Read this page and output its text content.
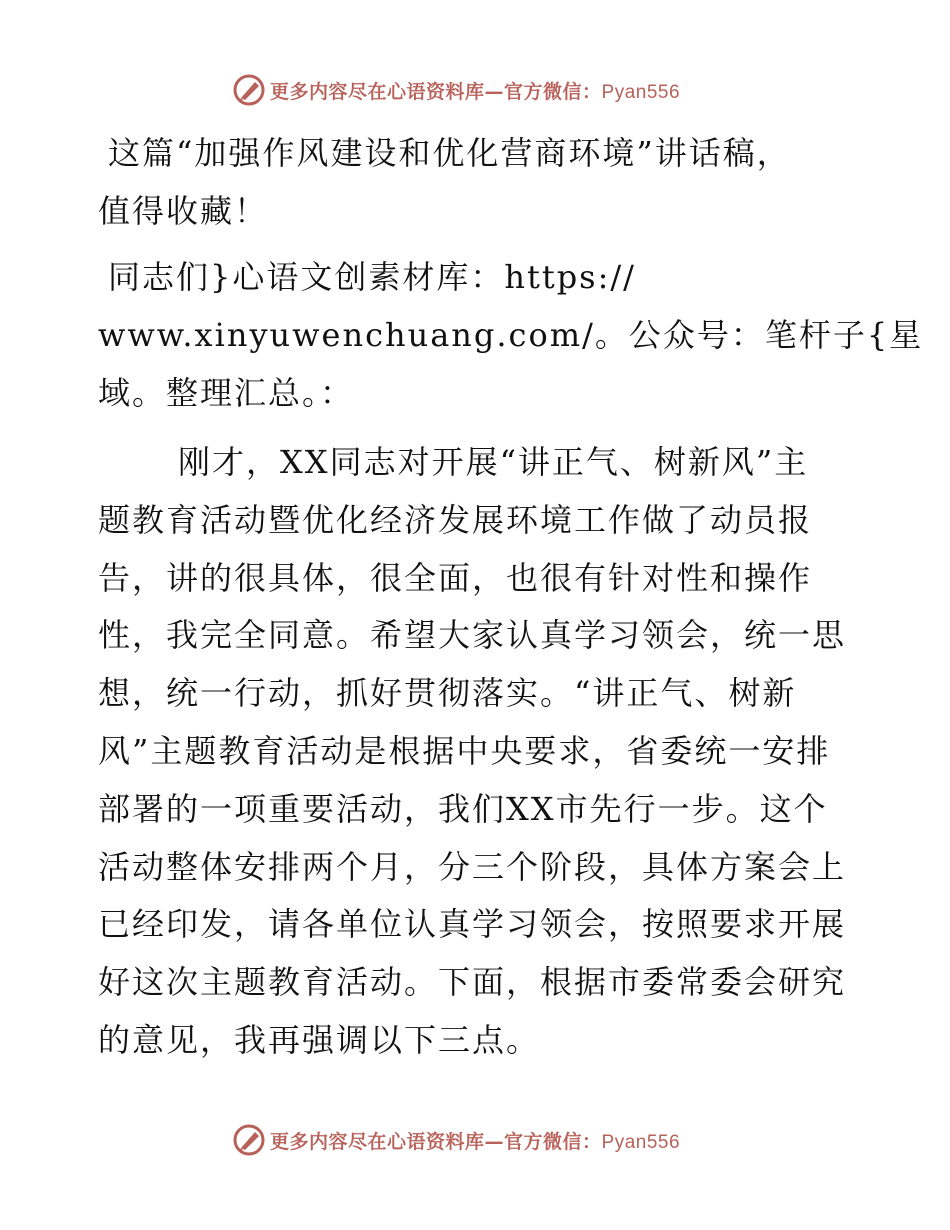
更多内容尽在心语资料库—官方微信：Pyan556

这篇“加强作风建设和优化营商环境”讲话稿，
值得收藏！

同志们}心语文创素材库：https://
www.xinyuwenchuang.com/。公众号：笔杆子{星
域。整理汇总。：

刚才，XX同志对开展“讲正气、树新风”主
题教育活动暨优化经济发展环境工作做了动员报
告，讲的很具体，很全面，也很有针对性和操作
性，我完全同意。希望大家认真学习领会，统一思
想，统一行动，抓好贯彻落实。“讲正气、树新
风”主题教育活动是根据中央要求，省委统一安排
部署的一项重要活动，我们XX市先行一步。这个
活动整体安排两个月，分三个阶段，具体方案会上
已经印发，请各单位认真学习领会，按照要求开展
好这次主题教育活动。下面，根据市委常委会研究
的意见，我再强调以下三点。

更多内容尽在心语资料库—官方微信：Pyan556
